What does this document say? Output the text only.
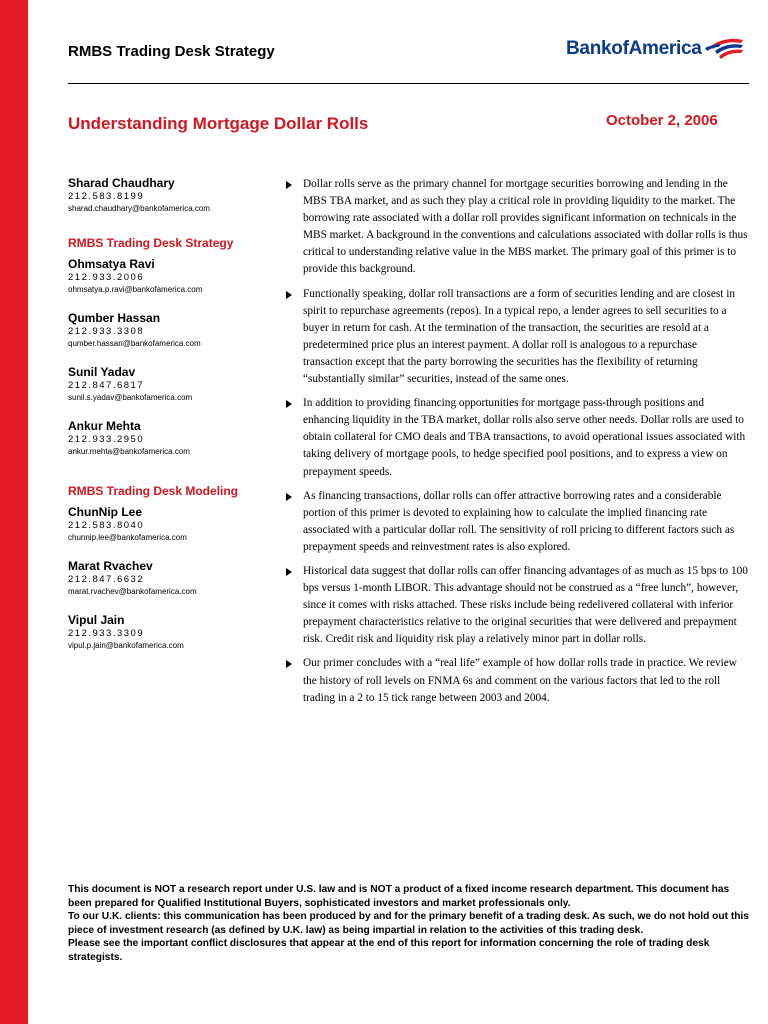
RMBS Trading Desk Strategy	BankofAmerica
Understanding Mortgage Dollar Rolls	October 2, 2006
Sharad Chaudhary
212.583.8199
sharad.chaudhary@bankofamerica.com
RMBS Trading Desk Strategy
Ohmsatya Ravi
212.933.2006
ohmsatya.p.ravi@bankofamerica.com
Qumber Hassan
212.933.3308
qumber.hassan@bankofamerica.com
Sunil Yadav
212.847.6817
sunil.s.yadav@bankofamerica.com
Ankur Mehta
212.933.2950
ankur.mehta@bankofamerica.com
RMBS Trading Desk Modeling
ChunNip Lee
212.583.8040
chunnip.lee@bankofamerica.com
Marat Rvachev
212.847.6632
marat.rvachev@bankofamerica.com
Vipul Jain
212.933.3309
vipul.p.jain@bankofamerica.com
Dollar rolls serve as the primary channel for mortgage securities borrowing and lending in the MBS TBA market, and as such they play a critical role in providing liquidity to the market. The borrowing rate associated with a dollar roll provides significant information on technicals in the MBS market. A background in the conventions and calculations associated with dollar rolls is thus critical to understanding relative value in the MBS market. The primary goal of this primer is to provide this background.
Functionally speaking, dollar roll transactions are a form of securities lending and are closest in spirit to repurchase agreements (repos). In a typical repo, a lender agrees to sell securities to a buyer in return for cash. At the termination of the transaction, the securities are resold at a predetermined price plus an interest payment. A dollar roll is analogous to a repurchase transaction except that the party borrowing the securities has the flexibility of returning “substantially similar” securities, instead of the same ones.
In addition to providing financing opportunities for mortgage pass-through positions and enhancing liquidity in the TBA market, dollar rolls also serve other needs. Dollar rolls are used to obtain collateral for CMO deals and TBA transactions, to avoid operational issues associated with taking delivery of mortgage pools, to hedge specified pool positions, and to express a view on prepayment speeds.
As financing transactions, dollar rolls can offer attractive borrowing rates and a considerable portion of this primer is devoted to explaining how to calculate the implied financing rate associated with a particular dollar roll. The sensitivity of roll pricing to different factors such as prepayment speeds and reinvestment rates is also explored.
Historical data suggest that dollar rolls can offer financing advantages of as much as 15 bps to 100 bps versus 1-month LIBOR. This advantage should not be construed as a “free lunch”, however, since it comes with risks attached. These risks include being redelivered collateral with inferior prepayment characteristics relative to the original securities that were delivered and prepayment risk. Credit risk and liquidity risk play a relatively minor part in dollar rolls.
Our primer concludes with a “real life” example of how dollar rolls trade in practice. We review the history of roll levels on FNMA 6s and comment on the various factors that led to the roll trading in a 2 to 15 tick range between 2003 and 2004.
This document is NOT a research report under U.S. law and is NOT a product of a fixed income research department. This document has been prepared for Qualified Institutional Buyers, sophisticated investors and market professionals only.
To our U.K. clients: this communication has been produced by and for the primary benefit of a trading desk. As such, we do not hold out this piece of investment research (as defined by U.K. law) as being impartial in relation to the activities of this trading desk.
Please see the important conflict disclosures that appear at the end of this report for information concerning the role of trading desk strategists.
